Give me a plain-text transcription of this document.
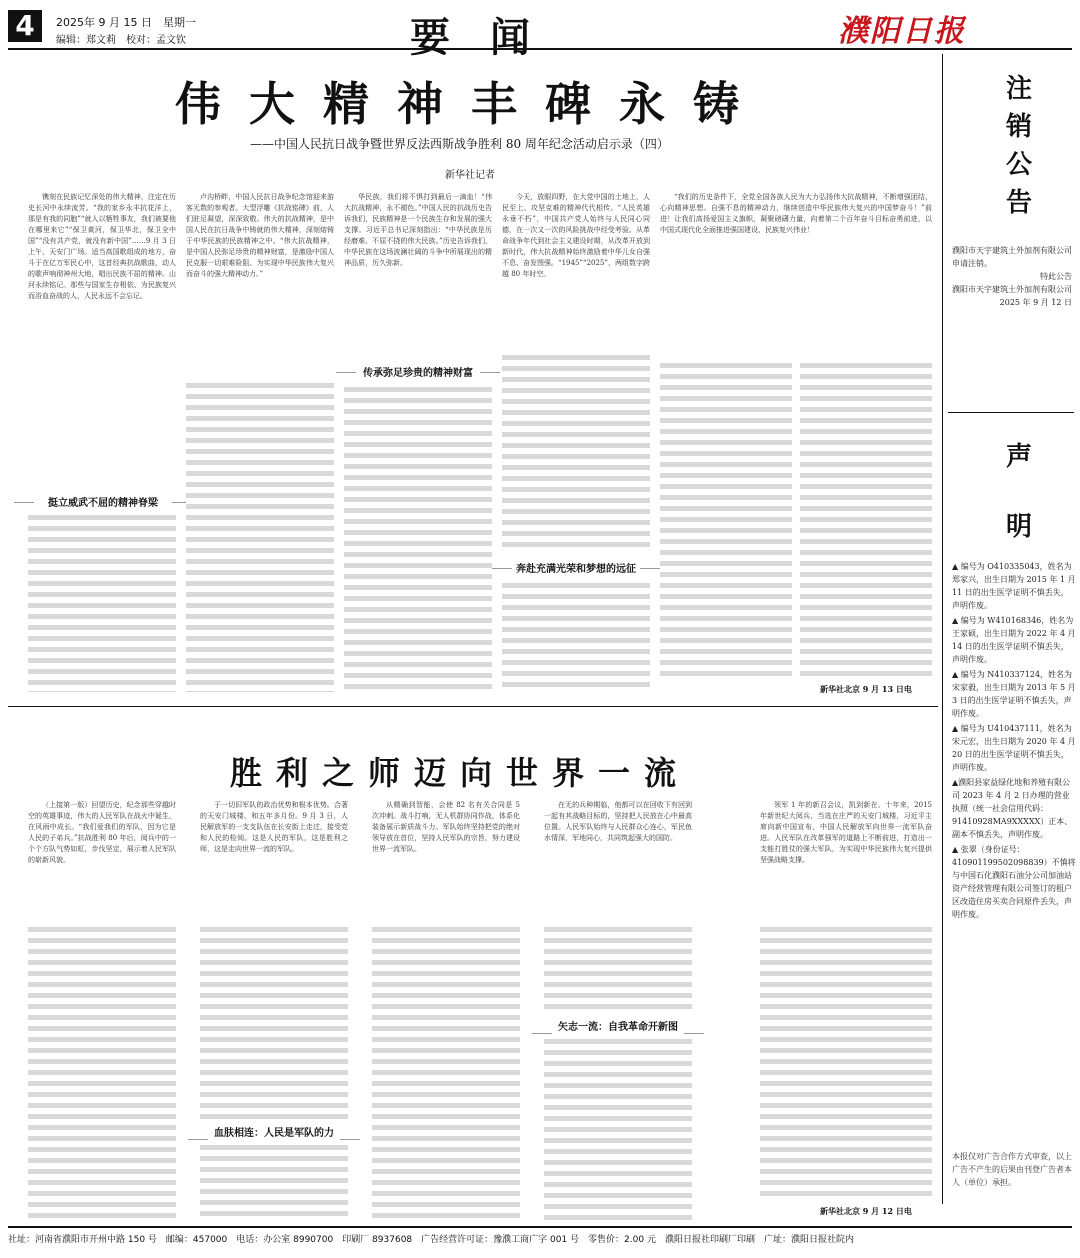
4	2025年 9 月 15 日　星期一
编辑：郑文莉　校对：孟文钦	要闻	濮阳日报
伟大精神丰碑永铸
——中国人民抗日战争暨世界反法西斯战争胜利 80 周年纪念活动启示录（四）
新华社记者

镌刻在民族记忆深处的伟大精神，注定在历史长河中永续流芳。“我的家乡永丰抗花洋上，那是有我的同胞”“就人以牺牲事友，我们被要他在哪里来它”“保卫黄河，保卫华北，保卫全中国”“没有共产党，就没有新中国”……9 月 3 日上午，天安门广场。适当高国歌组成的地方，奋斗于在亿万军民心中，这首经典抗战歌曲，动人的歌声响彻神州大地，唱出民族不屈的精神。山河永续铭记。那些与国家生存相依、为民族复兴而浴血奋战的人，人民永远不会忘记。

挺立威武不屈的精神脊梁

卢沟桥畔，中国人民抗日战争纪念馆迎来游客无数的参观者。大型浮雕《抗战铭碑》前，人们驻足凝望，深深致敬。伟大的抗战精神，是中国人民在抗日战争中铸就的伟大精神，深刻熔铸于中华民族的民族精神之中。“伟大抗战精神，是中国人民弥足珍贵的精神财富，是激励中国人民克服一切艰难险阻、为实现中华民族伟大复兴而奋斗的强大精神动力。”

华民族，我们将不惧打到最后一滴血！“伟大抗战精神，永不褪色。”中国人民的抗战历史告诉我们，民族精神是一个民族生存和发展的强大支撑。习近平总书记深刻指出：“中华民族是历经磨难、不屈不挠的伟大民族。”历史告诉我们，中华民族在这场波澜壮阔的斗争中所展现出的精神品质，历久弥新。

传承弥足珍贵的精神财富

今天，放眼四野，在大党中国的土地上，人民至上、攻坚克难的精神代代相传。“人民英雄永垂不朽”，中国共产党人始终与人民同心同德，在一次又一次的风险挑战中经受考验。从革命战争年代到社会主义建设时期，从改革开放到新时代，伟大抗战精神始终激励着中华儿女自强不息、奋发图强。“1945”“2025”，两组数字跨越 80 年时空。

奔赴充满光荣和梦想的远征

“我们的历史条件下，全党全国各族人民为大力弘扬伟大抗战精神，不断增强团结，心向精神思想。自强不息的精神动力，继续创造中华民族伟大复兴的中国梦奋斗！”前进！让我们高扬爱国主义旗帜，凝聚磅礴力量，向着第二个百年奋斗目标奋勇前进，以中国式现代化全面推进强国建设、民族复兴伟业！

新华社北京 9 月 13 日电
胜利之师迈向世界一流

（上接第一版）回望历史，纪念那些穿越时空的英雄事迹，伟大的人民军队在战火中诞生，在风雨中成长。“我们爱我们的军队，因为它是人民的子弟兵。”抗战胜利 80 年后，阅兵中的一个个方队气势如虹，步伐坚定，展示着人民军队的崭新风貌。

于一切旧军队的政治优势和根本优势。合著的天安门城楼，和五年多月份。9 月 3 日，人民解放军的一支支队伍在长安街上走过，接受党和人民的检阅。这是人民的军队，这是胜利之师，这是走向世界一流的军队。

血肤相连：人民是军队的力

从精确到智能，会使 82 名有关合同是 5 次冲刺。战斗打响，无人机群协同作战，体系化装备展示新质战斗力。军队始终坚持把党的绝对领导放在首位，坚持人民军队的宗旨，努力建设世界一流军队。

在无的兵种期临，他都可以在回收下有回到一起有其战略目标的，坚持把人民放在心中最高位置。人民军队始终与人民群众心连心，军民鱼水情深，军地同心，共同筑起强大的国防。

矢志一流：自我革命开新图

领军 1 年的新召会议，凯到新在。十年来，2015 年新世纪大阅兵，当选在庄严的天安门城楼，习近平主席向新中国宣布，中国人民解放军向世界一流军队奋进。人民军队在改革强军的道路上不断前进，打造出一支能打胜仗的强大军队，为实现中华民族伟大复兴提供坚强战略支撑。

新华社北京 9 月 12 日电
注销公告
濮阳市天宇建筑土外加剂有限公司申请注销。
特此公告
濮阳市天宇建筑土外加剂有限公司
2025 年 9 月 12 日
声明
▲ 编号为 O410335043，姓名为郑家兴，出生日期为 2015 年 1 月 11 日的出生医学证明不慎丢失，声明作废。
▲ 编号为 W410168346，姓名为王家硕，出生日期为 2022 年 4 月 14 日的出生医学证明不慎丢失，声明作废。
▲ 编号为 N410337124，姓名为宋家毅，出生日期为 2013 年 5 月 3 日的出生医学证明不慎丢失，声明作废。
▲ 编号为 U410437111，姓名为宋元宏，出生日期为 2020 年 4 月 20 日的出生医学证明不慎丢失，声明作废。
▲濮阳县家益绿化地和养殖有限公司 2023 年 4 月 2 日办理的营业执照（统一社会信用代码：91410928MA9XXXXX）正本、副本不慎丢失，声明作废。
▲ 张翠（身份证号：410901199502098839）不慎将与中国石化濮阳石油分公司加油站资产经营管理有限公司签订的租户区改造住房买卖合同原件丢失，声明作废。
本报仅对广告合作方式审查，以上广告不产生的后果由刊登广告者本人（单位）承担。
社址：河南省濮阳市开州中路 150 号　邮编：457000　电话：办公室 8990700　印刷厂 8937608　广告经营许可证：豫濮工商广字 001 号　零售价：2.00 元　濮阳日报社印刷厂印刷　广址：濮阳日报社院内
